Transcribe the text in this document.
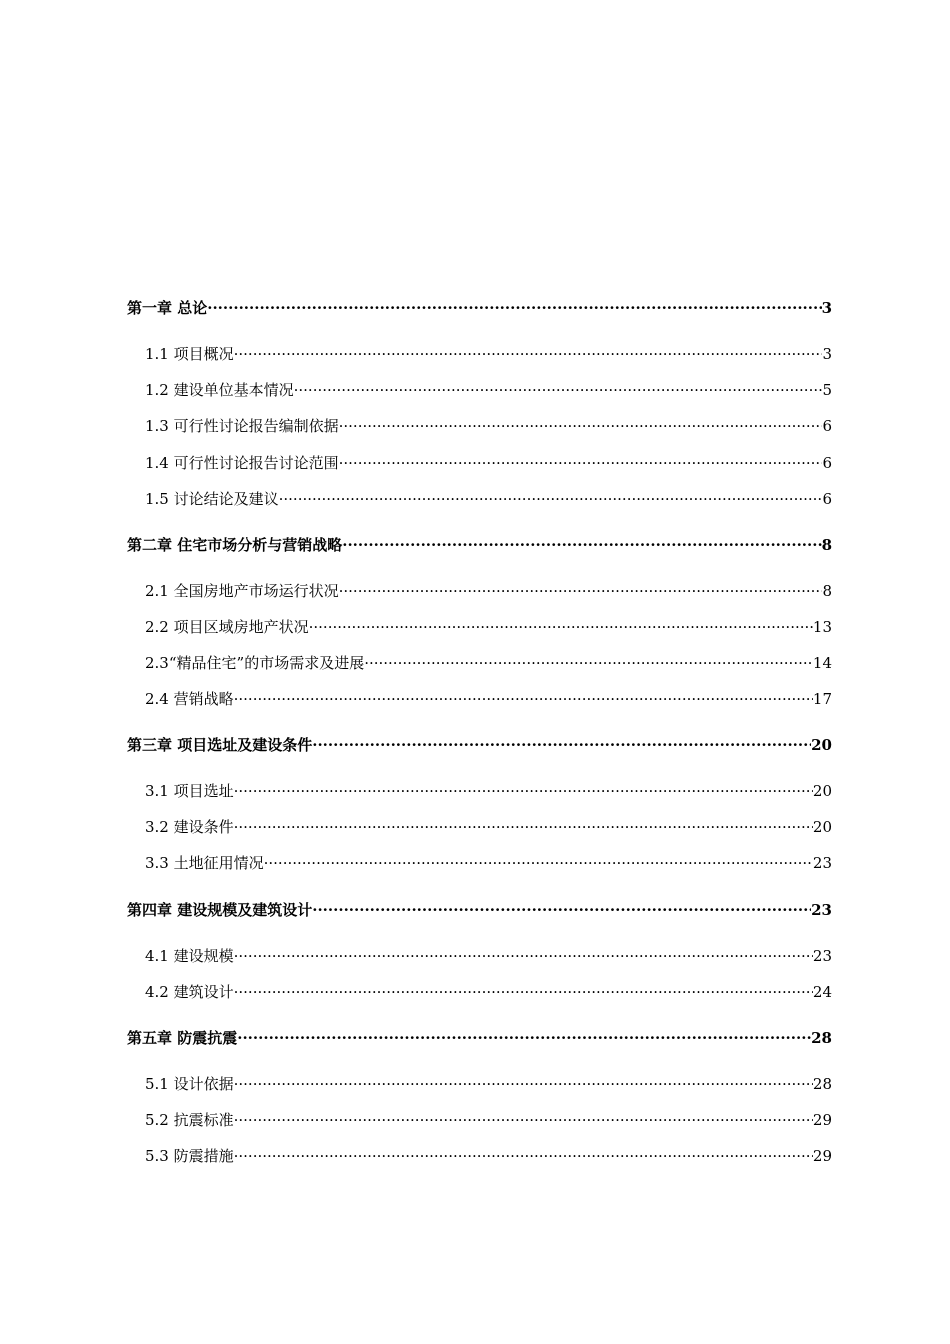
第一章 总论 .....	3
1.1 项目概况 .....	3
1.2 建设单位基本情况 .....	5
1.3 可行性讨论报告编制依据 .....	6
1.4 可行性讨论报告讨论范围 .....	6
1.5 讨论结论及建议 .....	6
第二章 住宅市场分析与营销战略 .....	8
2.1 全国房地产市场运行状况 .....	8
2.2 项目区域房地产状况 .....	13
2.3“精品住宅”的市场需求及进展 .....	14
2.4 营销战略 .....	17
第三章 项目选址及建设条件 .....	20
3.1 项目选址 .....	20
3.2 建设条件 .....	20
3.3 土地征用情况 .....	23
第四章 建设规模及建筑设计 .....	23
4.1 建设规模 .....	23
4.2 建筑设计 .....	24
第五章 防震抗震 .....	28
5.1 设计依据 .....	28
5.2 抗震标准 .....	29
5.3 防震措施 .....	29
